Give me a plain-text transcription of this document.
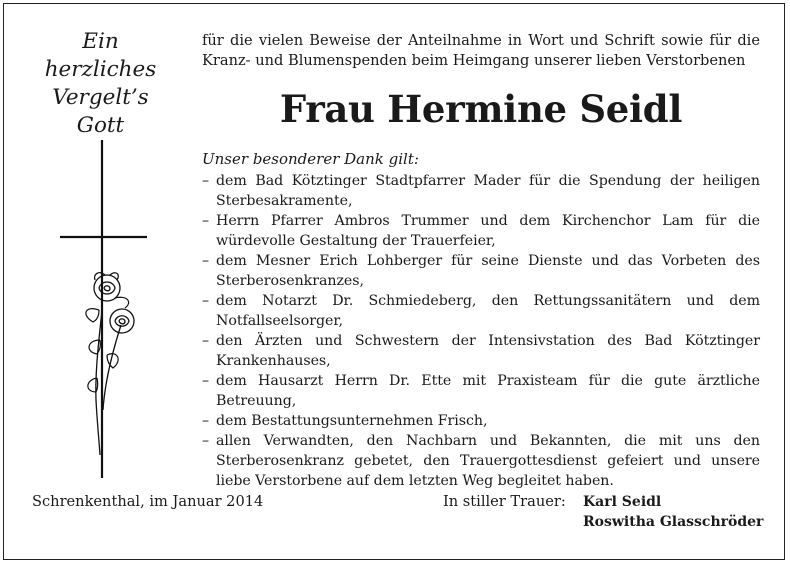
Ein
herzliches
Vergelt’s
Gott
für die vielen Beweise der Anteilnahme in Wort und Schrift sowie für die Kranz- und Blumenspenden beim Heimgang unserer lieben Verstorbenen
Frau Hermine Seidl
Unser besonderer Dank gilt:
– dem Bad Kötztinger Stadtpfarrer Mader für die Spendung der heiligen Sterbesakramente,
– Herrn Pfarrer Ambros Trummer und dem Kirchenchor Lam für die würdevolle Gestaltung der Trauerfeier,
– dem Mesner Erich Lohberger für seine Dienste und das Vorbeten des Sterberosenkranzes,
– dem Notarzt Dr. Schmiedeberg, den Rettungssanitätern und dem Notfallseelsorger,
– den Ärzten und Schwestern der Intensivstation des Bad Kötztinger Krankenhauses,
– dem Hausarzt Herrn Dr. Ette mit Praxisteam für die gute ärztliche Betreuung,
– dem Bestattungsunternehmen Frisch,
– allen Verwandten, den Nachbarn und Bekannten, die mit uns den Sterberosenkranz gebetet, den Trauergottesdienst gefeiert und unsere liebe Verstorbene auf dem letzten Weg begleitet haben.
Schrenkenthal, im Januar 2014	In stiller Trauer: Karl Seidl
Roswitha Glasschröder
